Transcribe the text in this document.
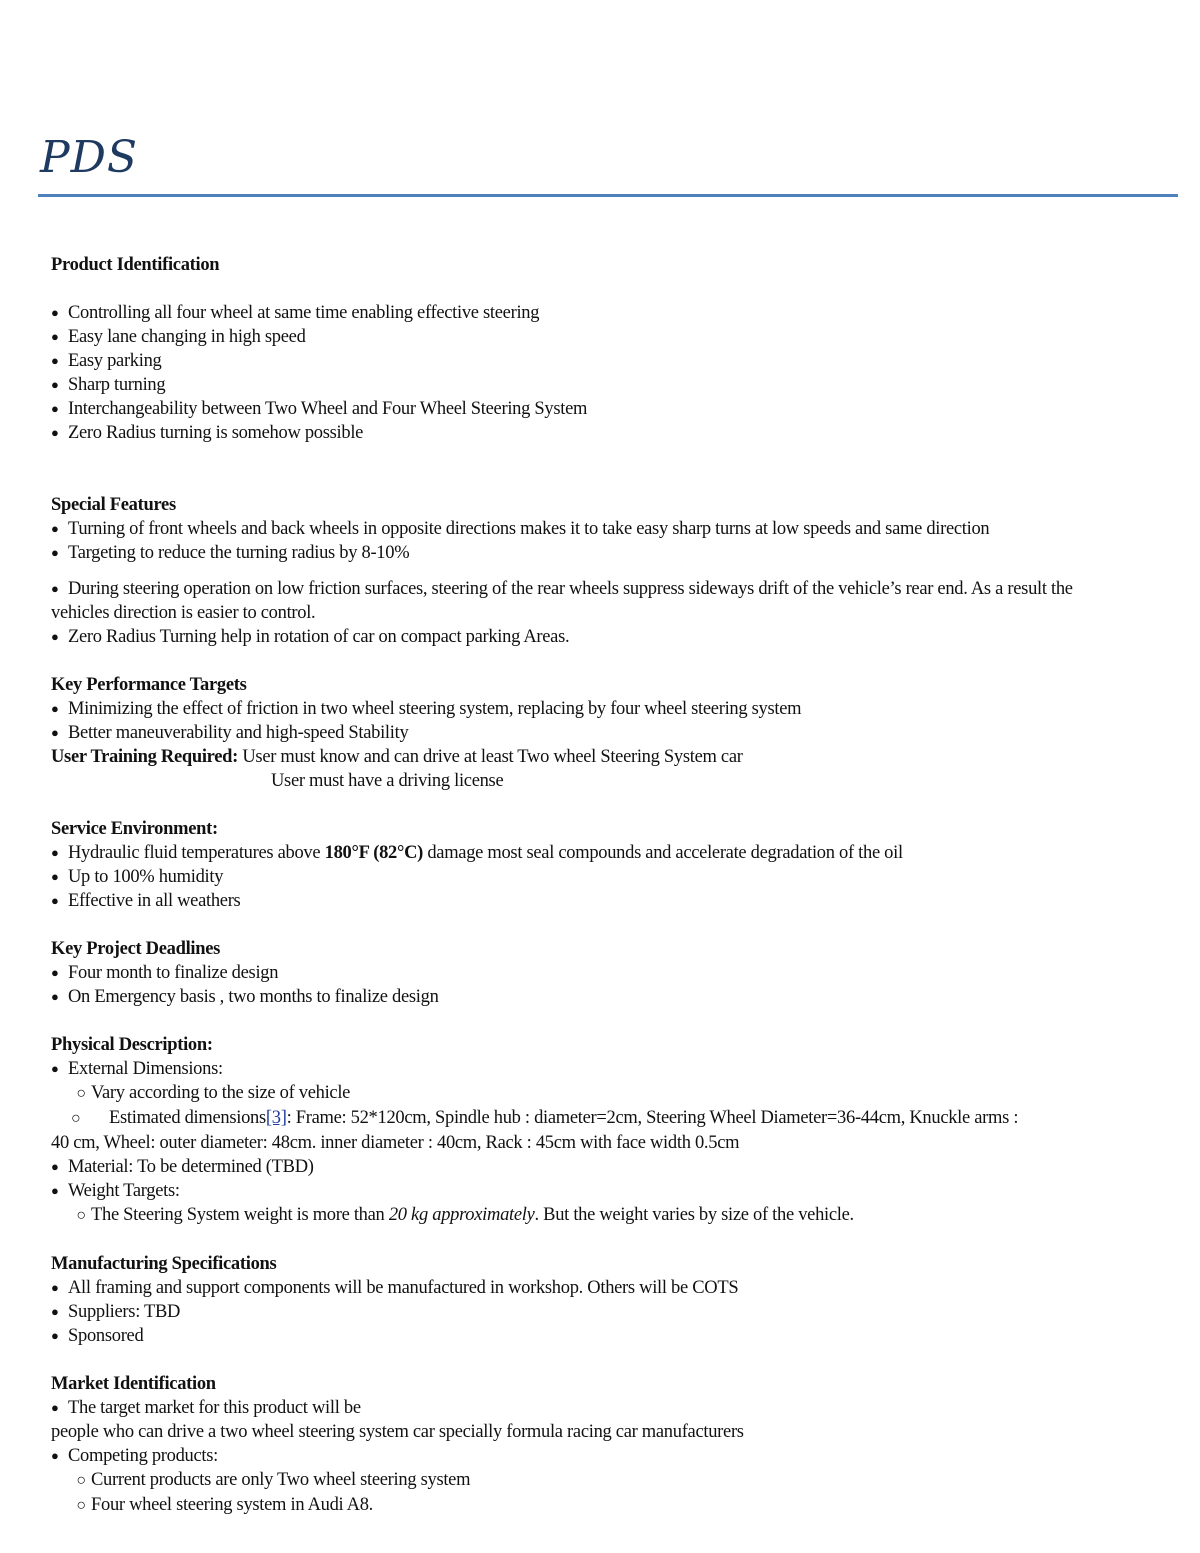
PDS
Product Identification
● Controlling all four wheel at same time enabling effective steering
● Easy lane changing in high speed
● Easy parking
● Sharp turning
● Interchangeability between Two Wheel and Four Wheel Steering System
● Zero Radius turning is somehow possible
Special Features
● Turning of front wheels and back wheels in opposite directions makes it to take easy sharp turns at low speeds and same direction
● Targeting to reduce the turning radius by 8-10%
● During steering operation on low friction surfaces, steering of the rear wheels suppress sideways drift of the vehicle’s rear end. As a result the vehicles direction is easier to control.
● Zero Radius Turning help in rotation of car on compact parking Areas.
Key Performance Targets
● Minimizing the effect of friction in two wheel steering system, replacing by four wheel steering system
● Better maneuverability and high-speed Stability
User Training Required: User must know and can drive at least Two wheel Steering System car
User must have a driving license
Service Environment:
● Hydraulic fluid temperatures above 180°F (82°C) damage most seal compounds and accelerate degradation of the oil
● Up to 100% humidity
● Effective in all weathers
Key Project Deadlines
● Four month to finalize design
● On Emergency basis , two months to finalize design
Physical Description:
● External Dimensions:
○ Vary according to the size of vehicle
○ Estimated dimensions[3]: Frame: 52*120cm, Spindle hub : diameter=2cm, Steering Wheel Diameter=36-44cm, Knuckle arms :
40 cm, Wheel: outer diameter: 48cm. inner diameter : 40cm, Rack : 45cm with face width 0.5cm
● Material: To be determined (TBD)
● Weight Targets:
○ The Steering System weight is more than 20 kg approximately. But the weight varies by size of the vehicle.
Manufacturing Specifications
● All framing and support components will be manufactured in workshop. Others will be COTS
● Suppliers: TBD
● Sponsored
Market Identification
● The target market for this product will be
people who can drive a two wheel steering system car specially formula racing car manufacturers
● Competing products:
○ Current products are only Two wheel steering system
○ Four wheel steering system in Audi A8.
